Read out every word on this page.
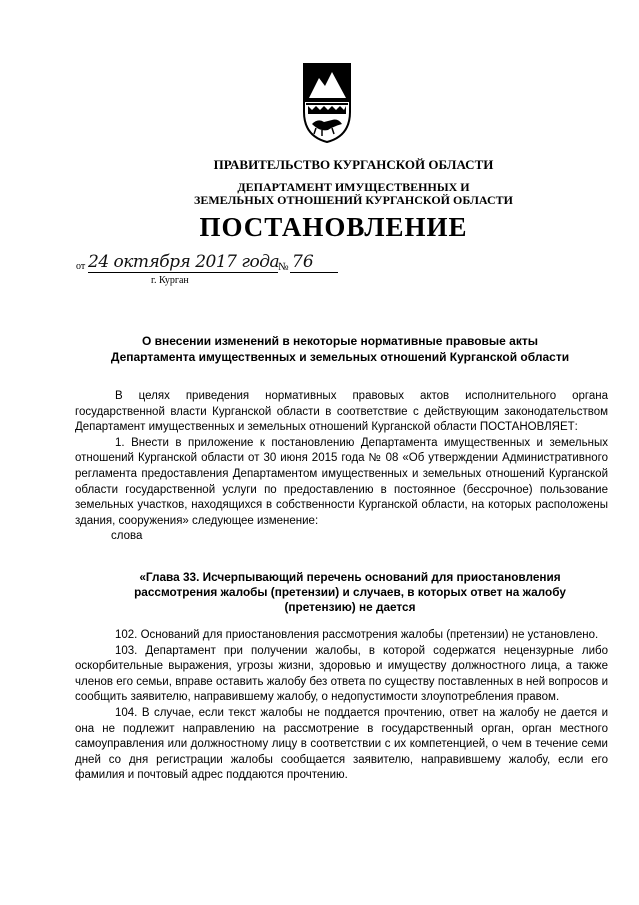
ПРАВИТЕЛЬСТВО КУРГАНСКОЙ ОБЛАСТИ
ДЕПАРТАМЕНТ ИМУЩЕСТВЕННЫХ И
ЗЕМЕЛЬНЫХ ОТНОШЕНИЙ КУРГАНСКОЙ ОБЛАСТИ
ПОСТАНОВЛЕНИЕ
от 24 октября 2017 года
№ 76
г. Курган
О внесении изменений в некоторые нормативные правовые акты
Департамента имущественных и земельных отношений Курганской области

В целях приведения нормативных правовых актов исполнительного органа государственной власти Курганской области в соответствие с действующим законодательством Департамент имущественных и земельных отношений Курганской области ПОСТАНОВЛЯЕТ:

1. Внести в приложение к постановлению Департамента имущественных и земельных отношений Курганской области от 30 июня 2015 года № 08 «Об утверждении Административного регламента предоставления Департаментом имущественных и земельных отношений Курганской области государственной услуги по предоставлению в постоянное (бессрочное) пользование земельных участков, находящихся в собственности Курганской области, на которых расположены здания, сооружения» следующее изменение:

слова

«Глава 33. Исчерпывающий перечень оснований для приостановления
рассмотрения жалобы (претензии) и случаев, в которых ответ на жалобу
(претензию) не дается

102. Оснований для приостановления рассмотрения жалобы (претензии) не установлено.

103. Департамент при получении жалобы, в которой содержатся нецензурные либо оскорбительные выражения, угрозы жизни, здоровью и имуществу должностного лица, а также членов его семьи, вправе оставить жалобу без ответа по существу поставленных в ней вопросов и сообщить заявителю, направившему жалобу, о недопустимости злоупотребления правом.

104. В случае, если текст жалобы не поддается прочтению, ответ на жалобу не дается и она не подлежит направлению на рассмотрение в государственный орган, орган местного самоуправления или должностному лицу в соответствии с их компетенцией, о чем в течение семи дней со дня регистрации жалобы сообщается заявителю, направившему жалобу, если его фамилия и почтовый адрес поддаются прочтению.
